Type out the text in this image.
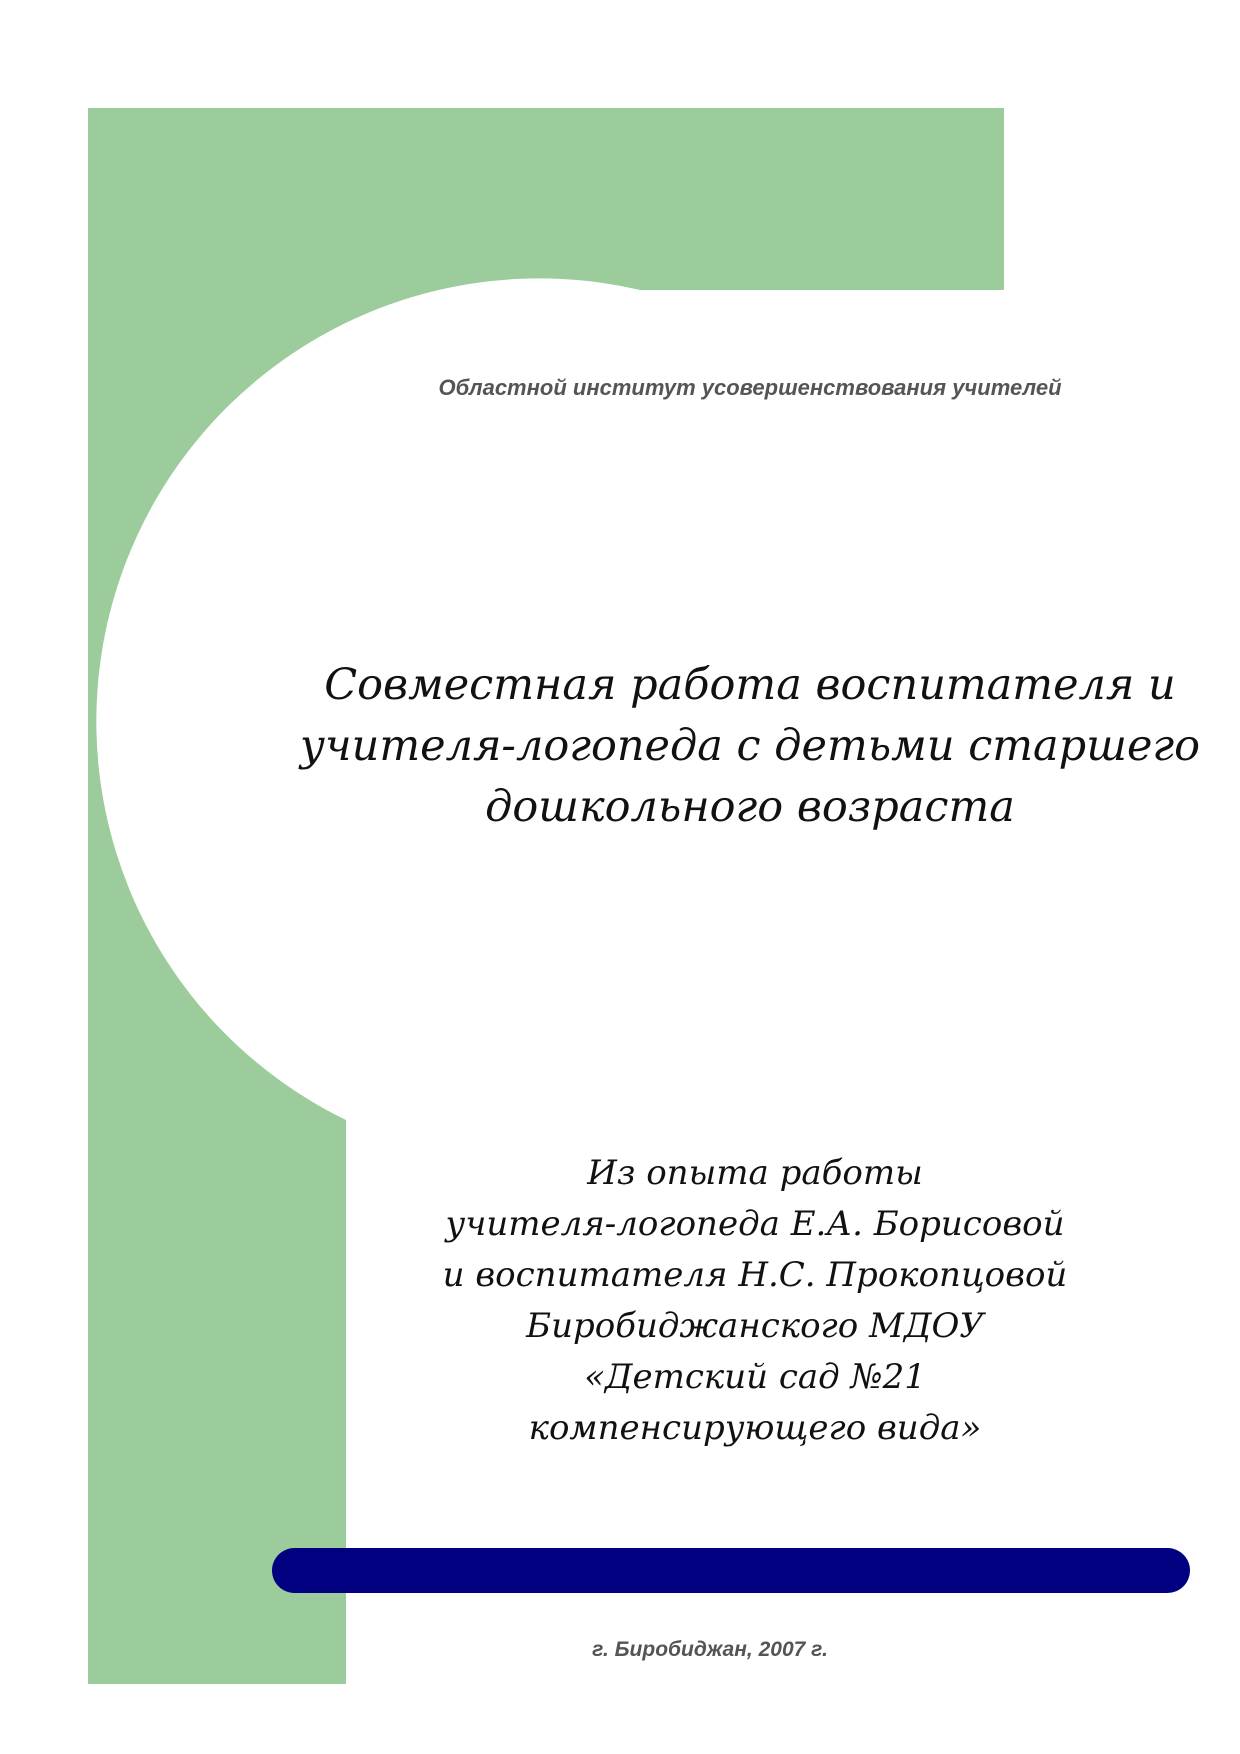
Областной институт усовершенствования учителей
Совместная работа воспитателя и
учителя-логопеда с детьми старшего
дошкольного возраста
Из опыта работы
учителя-логопеда Е.А. Борисовой
и воспитателя Н.С. Прокопцовой
Биробиджанского МДОУ
«Детский сад №21
компенсирующего вида»
г. Биробиджан, 2007 г.
